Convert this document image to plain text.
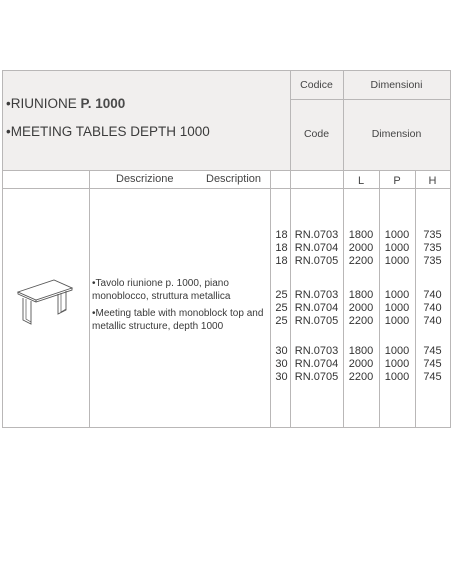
•RIUNIONE P. 1000
•MEETING TABLES DEPTH 1000
Codice
Code
Dimensioni
Dimension
Descrizione	Description	L	P	H
•Tavolo riunione p. 1000, piano monoblocco, struttura metallica
•Meeting table with monoblock top and metallic structure, depth 1000
18 RN.0703 1800	1000	735
18 RN.0704 2000	1000	735
18 RN.0705 2200	1000	735
25 RN.0703 1800	1000	740
25 RN.0704 2000	1000	740
25 RN.0705 2200	1000	740
30 RN.0703 1800	1000	745
30 RN.0704 2000	1000	745
30 RN.0705 2200	1000	745
